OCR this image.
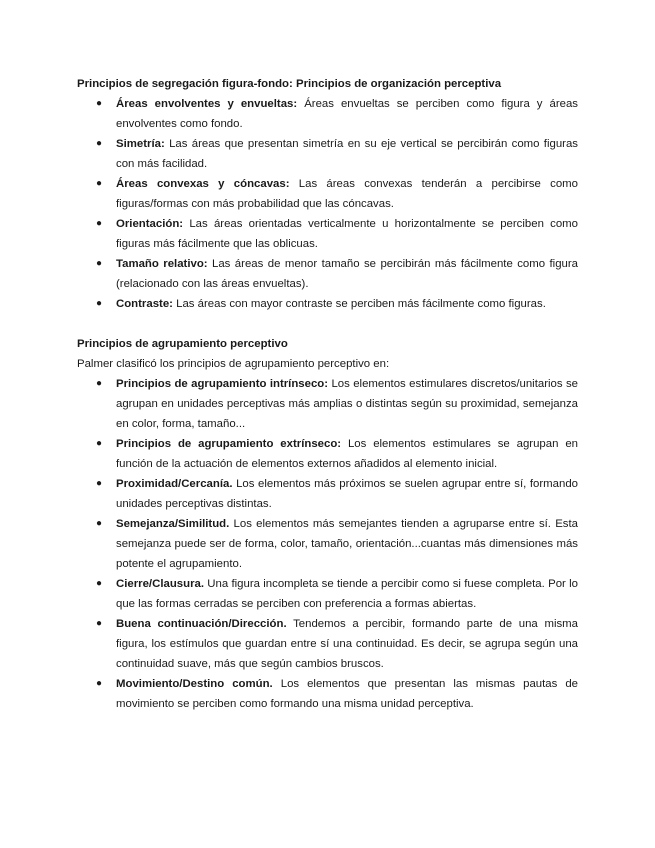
Principios de segregación figura-fondo: Principios de organización perceptiva

● Áreas envolventes y envueltas: Áreas envueltas se perciben como figura y áreas envolventes como fondo.
● Simetría: Las áreas que presentan simetría en su eje vertical se percibirán como figuras con más facilidad.
● Áreas convexas y cóncavas: Las áreas convexas tenderán a percibirse como figuras/formas con más probabilidad que las cóncavas.
● Orientación: Las áreas orientadas verticalmente u horizontalmente se perciben como figuras más fácilmente que las oblicuas.
● Tamaño relativo: Las áreas de menor tamaño se percibirán más fácilmente como figura (relacionado con las áreas envueltas).
● Contraste: Las áreas con mayor contraste se perciben más fácilmente como figuras.

Principios de agrupamiento perceptivo

Palmer clasificó los principios de agrupamiento perceptivo en:

● Principios de agrupamiento intrínseco: Los elementos estimulares discretos/unitarios se agrupan en unidades perceptivas más amplias o distintas según su proximidad, semejanza en color, forma, tamaño...
● Principios de agrupamiento extrínseco: Los elementos estimulares se agrupan en función de la actuación de elementos externos añadidos al elemento inicial.
● Proximidad/Cercanía. Los elementos más próximos se suelen agrupar entre sí, formando unidades perceptivas distintas.
● Semejanza/Similitud. Los elementos más semejantes tienden a agruparse entre sí. Esta semejanza puede ser de forma, color, tamaño, orientación...cuantas más dimensiones más potente el agrupamiento.
● Cierre/Clausura. Una figura incompleta se tiende a percibir como si fuese completa. Por lo que las formas cerradas se perciben con preferencia a formas abiertas.
● Buena continuación/Dirección. Tendemos a percibir, formando parte de una misma figura, los estímulos que guardan entre sí una continuidad. Es decir, se agrupa según una continuidad suave, más que según cambios bruscos.
● Movimiento/Destino común. Los elementos que presentan las mismas pautas de movimiento se perciben como formando una misma unidad perceptiva.
